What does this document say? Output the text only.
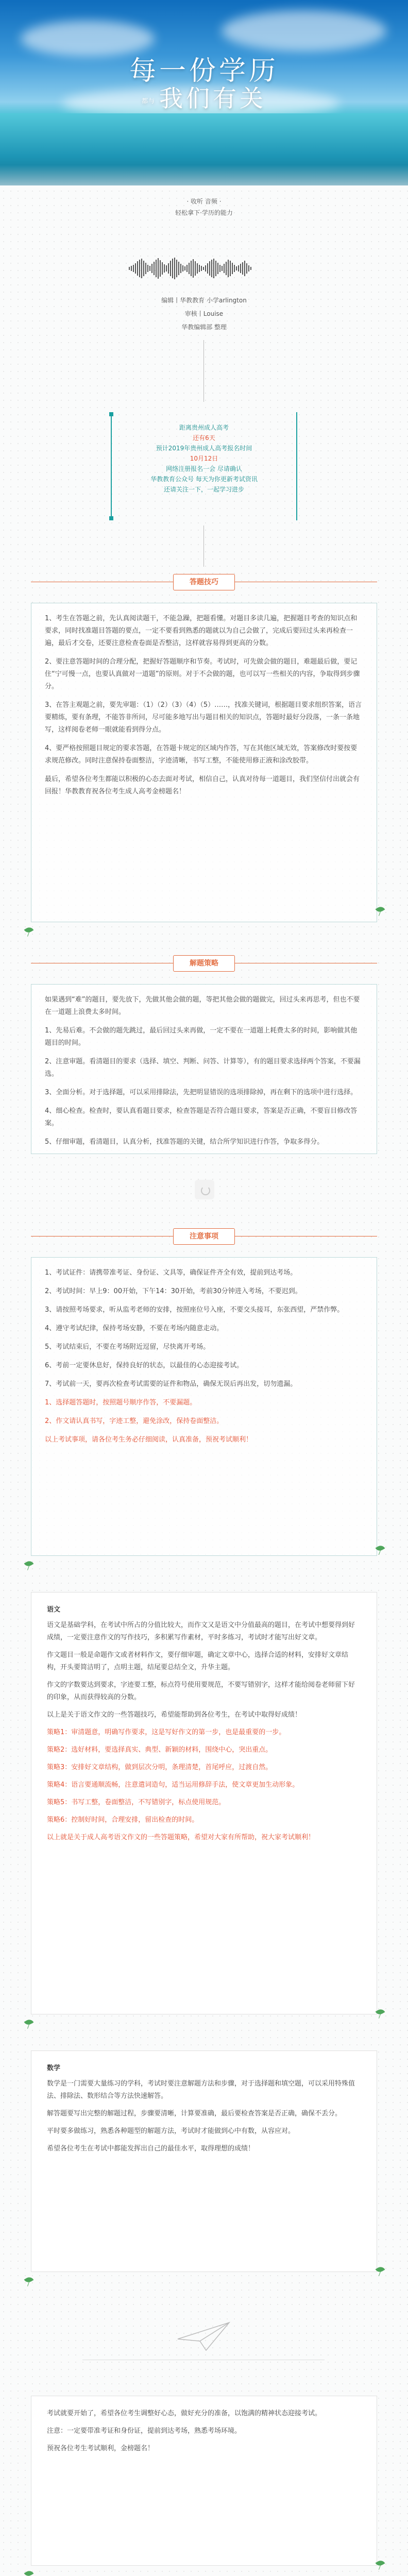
每一份学历
都与 我们有关
· 收听 音频 ·
轻松拿下·学历的能力
编辑丨华教教育 小学arlington
审核丨Louise
华教编辑部 整理
距离贵州成人高考
还有6天
预计2019年贵州成人高考报名时间
10月12日
网络注册报名一会 尽请确认
华教教育公众号 每天为你更新考试资讯
还请关注一下，一起学习进步
答题技巧

1、考生在答题之前，先认真阅读题干，不能急躁，把题看懂。对题目多读几遍，把握题目考查的知识点和要求，同时找准题目答题的要点，一定不要看到熟悉的题就以为自己会做了，完成后要回过头来再检查一遍，最后才交卷，还要注意检查卷面是否整洁，这样就容易得到更高的分数。

2、要注意答题时间的合理分配，把握好答题顺序和节奏。考试时，可先做会做的题目，难题最后做，要记住“宁可慢一点，也要认真做对一道题”的原则。对于不会做的题，也可以写一些相关的内容，争取得到步骤分。

3、在答主观题之前，要先审题：（1）（2）（3）（4）（5）……，找准关键词，根据题目要求组织答案，语言要精练，要有条理，不能答非所问，尽可能多地写出与题目相关的知识点，答题时最好分段落，一条一条地写，这样阅卷老师一眼就能看到得分点。

4、要严格按照题目规定的要求答题，在答题卡规定的区域内作答，写在其他区域无效，答案修改时要按要求规范修改。同时注意保持卷面整洁，字迹清晰，书写工整，不能使用修正液和涂改胶带。

最后，希望各位考生都能以积极的心态去面对考试，相信自己，认真对待每一道题目，我们坚信付出就会有回报！华教教育祝各位考生成人高考金榜题名！

解题策略

如果遇到“难”的题目，要先放下，先做其他会做的题，等把其他会做的题做完，回过头来再思考，但也不要在一道题上浪费太多时间。

1、先易后难。不会做的题先跳过，最后回过头来再做，一定不要在一道题上耗费太多的时间，影响做其他题目的时间。

2、注意审题。看清题目的要求（选择、填空、判断、问答、计算等），有的题目要求选择两个答案，不要漏选。

3、全面分析。对于选择题，可以采用排除法，先把明显错误的选项排除掉，再在剩下的选项中进行选择。

4、细心检查。检查时，要认真看题目要求，检查答题是否符合题目要求，答案是否正确，不要盲目修改答案。

5、仔细审题，看清题目，认真分析，找准答题的关键，结合所学知识进行作答，争取多得分。

注意事项

1、考试证件：请携带准考证、身份证、文具等，确保证件齐全有效，提前到达考场。

2、考试时间：早上9：00开始，下午14：30开始，考前30分钟进入考场，不要迟到。

3、请按照考场要求，听从监考老师的安排，按照座位号入座，不要交头接耳，东张西望，严禁作弊。

4、遵守考试纪律，保持考场安静，不要在考场内随意走动。

5、考试结束后，不要在考场附近逗留，尽快离开考场。

6、考前一定要休息好，保持良好的状态，以最佳的心态迎接考试。

7、考试前一天，要再次检查考试需要的证件和物品，确保无误后再出发，切勿遗漏。

1、选择题答题时，按照题号顺序作答，不要漏题。

2、作文请认真书写，字迹工整，避免涂改，保持卷面整洁。

以上考试事项，请各位考生务必仔细阅读，认真准备，预祝考试顺利！

语文

语文是基础学科，在考试中所占的分值比较大，而作文又是语文中分值最高的题目，在考试中想要得到好成绩，一定要注意作文的写作技巧，多积累写作素材，平时多练习，考试时才能写出好文章。

作文题目一般是命题作文或者材料作文，要仔细审题，确定文章中心，选择合适的材料，安排好文章结构，开头要简洁明了，点明主题，结尾要总结全文，升华主题。

作文的字数要达到要求，字迹要工整，标点符号使用要规范，不要写错别字，这样才能给阅卷老师留下好的印象，从而获得较高的分数。

以上是关于语文作文的一些答题技巧，希望能帮助到各位考生，在考试中取得好成绩！

策略1：审清题意，明确写作要求，这是写好作文的第一步，也是最重要的一步。

策略2：选好材料，要选择真实、典型、新颖的材料，围绕中心，突出重点。

策略3：安排好文章结构，做到层次分明，条理清楚，首尾呼应，过渡自然。

策略4：语言要通顺流畅，注意遣词造句，适当运用修辞手法，使文章更加生动形象。

策略5：书写工整，卷面整洁，不写错别字，标点使用规范。

策略6：控制好时间，合理安排，留出检查的时间。

以上就是关于成人高考语文作文的一些答题策略，希望对大家有所帮助，祝大家考试顺利！

数学

数学是一门需要大量练习的学科，考试时要注意解题方法和步骤，对于选择题和填空题，可以采用特殊值法、排除法、数形结合等方法快速解答。

解答题要写出完整的解题过程，步骤要清晰，计算要准确，最后要检查答案是否正确，确保不丢分。

平时要多做练习，熟悉各种题型的解题方法，考试时才能做到心中有数，从容应对。

希望各位考生在考试中都能发挥出自己的最佳水平，取得理想的成绩！

考试就要开始了，希望各位考生调整好心态，做好充分的准备，以饱满的精神状态迎接考试。

注意：一定要带准考证和身份证，提前到达考场，熟悉考场环境。

预祝各位考生考试顺利，金榜题名！
